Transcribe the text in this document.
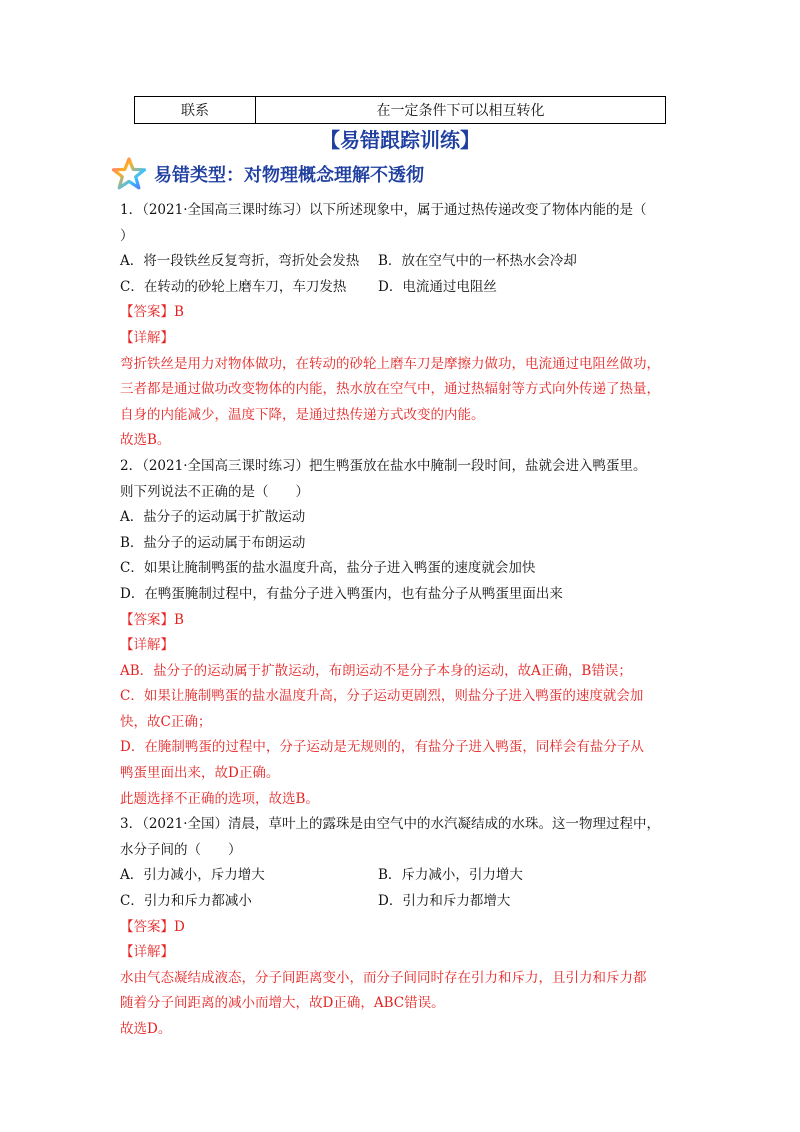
联系	在一定条件下可以相互转化
【易错跟踪训练】
易错类型：对物理概念理解不透彻

1．（2021·全国高三课时练习）以下所述现象中，属于通过热传递改变了物体内能的是（

）

A．将一段铁丝反复弯折，弯折处会发热	B．放在空气中的一杯热水会冷却
C．在转动的砂轮上磨车刀，车刀发热	D．电流通过电阻丝

【答案】B

【详解】

弯折铁丝是用力对物体做功，在转动的砂轮上磨车刀是摩擦力做功，电流通过电阻丝做功，

三者都是通过做功改变物体的内能，热水放在空气中，通过热辐射等方式向外传递了热量，

自身的内能减少，温度下降，是通过热传递方式改变的内能。

故选B。

2．（2021·全国高三课时练习）把生鸭蛋放在盐水中腌制一段时间，盐就会进入鸭蛋里。

则下列说法不正确的是（　　）

A．盐分子的运动属于扩散运动

B．盐分子的运动属于布朗运动

C．如果让腌制鸭蛋的盐水温度升高，盐分子进入鸭蛋的速度就会加快

D．在鸭蛋腌制过程中，有盐分子进入鸭蛋内，也有盐分子从鸭蛋里面出来

【答案】B

【详解】

AB．盐分子的运动属于扩散运动，布朗运动不是分子本身的运动，故A正确，B错误；

C．如果让腌制鸭蛋的盐水温度升高，分子运动更剧烈，则盐分子进入鸭蛋的速度就会加

快，故C正确；

D．在腌制鸭蛋的过程中，分子运动是无规则的，有盐分子进入鸭蛋，同样会有盐分子从

鸭蛋里面出来，故D正确。

此题选择不正确的选项，故选B。

3．（2021·全国）清晨，草叶上的露珠是由空气中的水汽凝结成的水珠。这一物理过程中，

水分子间的（　　）

A．引力减小，斥力增大	B．斥力减小，引力增大
C．引力和斥力都减小	D．引力和斥力都增大

【答案】D

【详解】

水由气态凝结成液态，分子间距离变小，而分子间同时存在引力和斥力，且引力和斥力都

随着分子间距离的减小而增大，故D正确，ABC错误。

故选D。
